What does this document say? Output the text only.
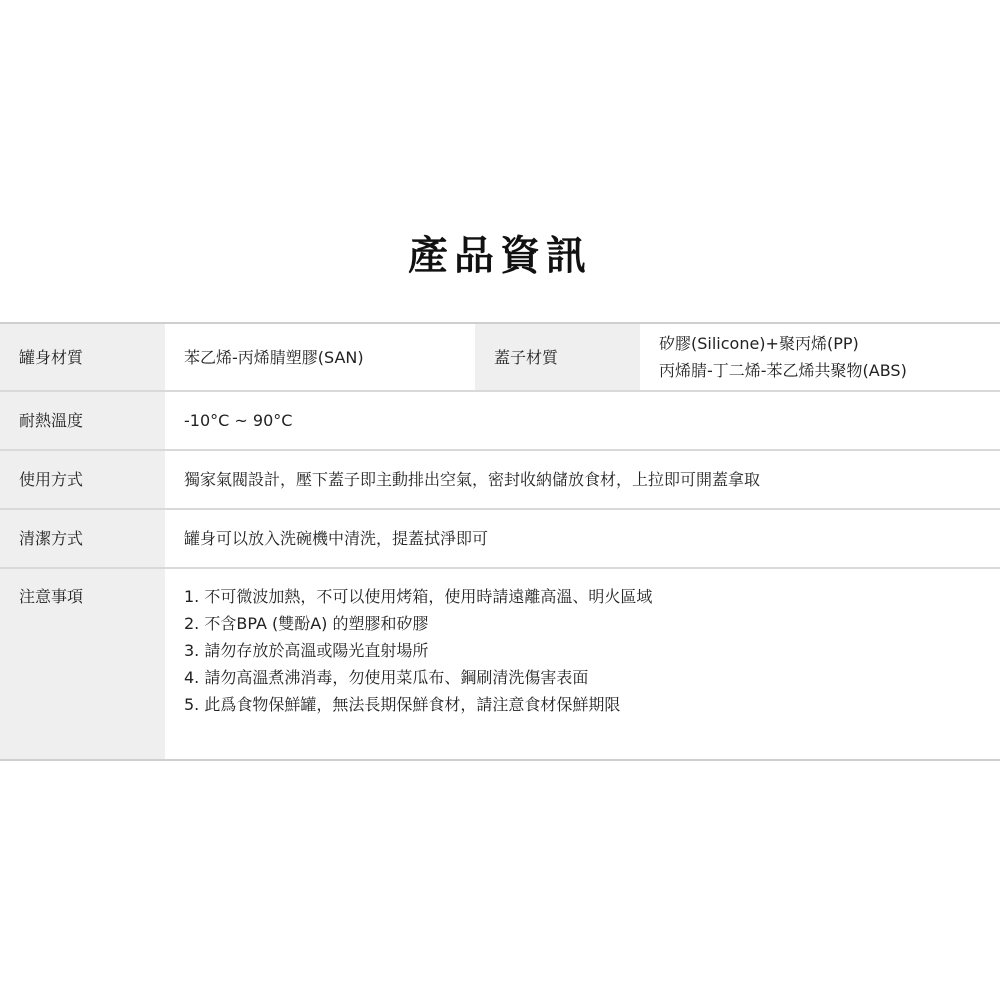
產品資訊
罐身材質	苯乙烯-丙烯腈塑膠(SAN)	蓋子材質	矽膠(Silicone)+聚丙烯(PP)
丙烯腈-丁二烯-苯乙烯共聚物(ABS)

耐熱溫度	-10°C ~ 90°C		
使用方式	獨家氣閥設計，壓下蓋子即主動排出空氣，密封收納儲放食材，上拉即可開蓋拿取		
清潔方式	罐身可以放入洗碗機中清洗，提蓋拭淨即可		
注意事項	1. 不可微波加熱，不可以使用烤箱，使用時請遠離高溫、明火區域
2. 不含BPA (雙酚A) 的塑膠和矽膠
3. 請勿存放於高溫或陽光直射場所
4. 請勿高溫煮沸消毒，勿使用菜瓜布、鋼刷清洗傷害表面
5. 此爲食物保鮮罐，無法長期保鮮食材，請注意食材保鮮期限		
